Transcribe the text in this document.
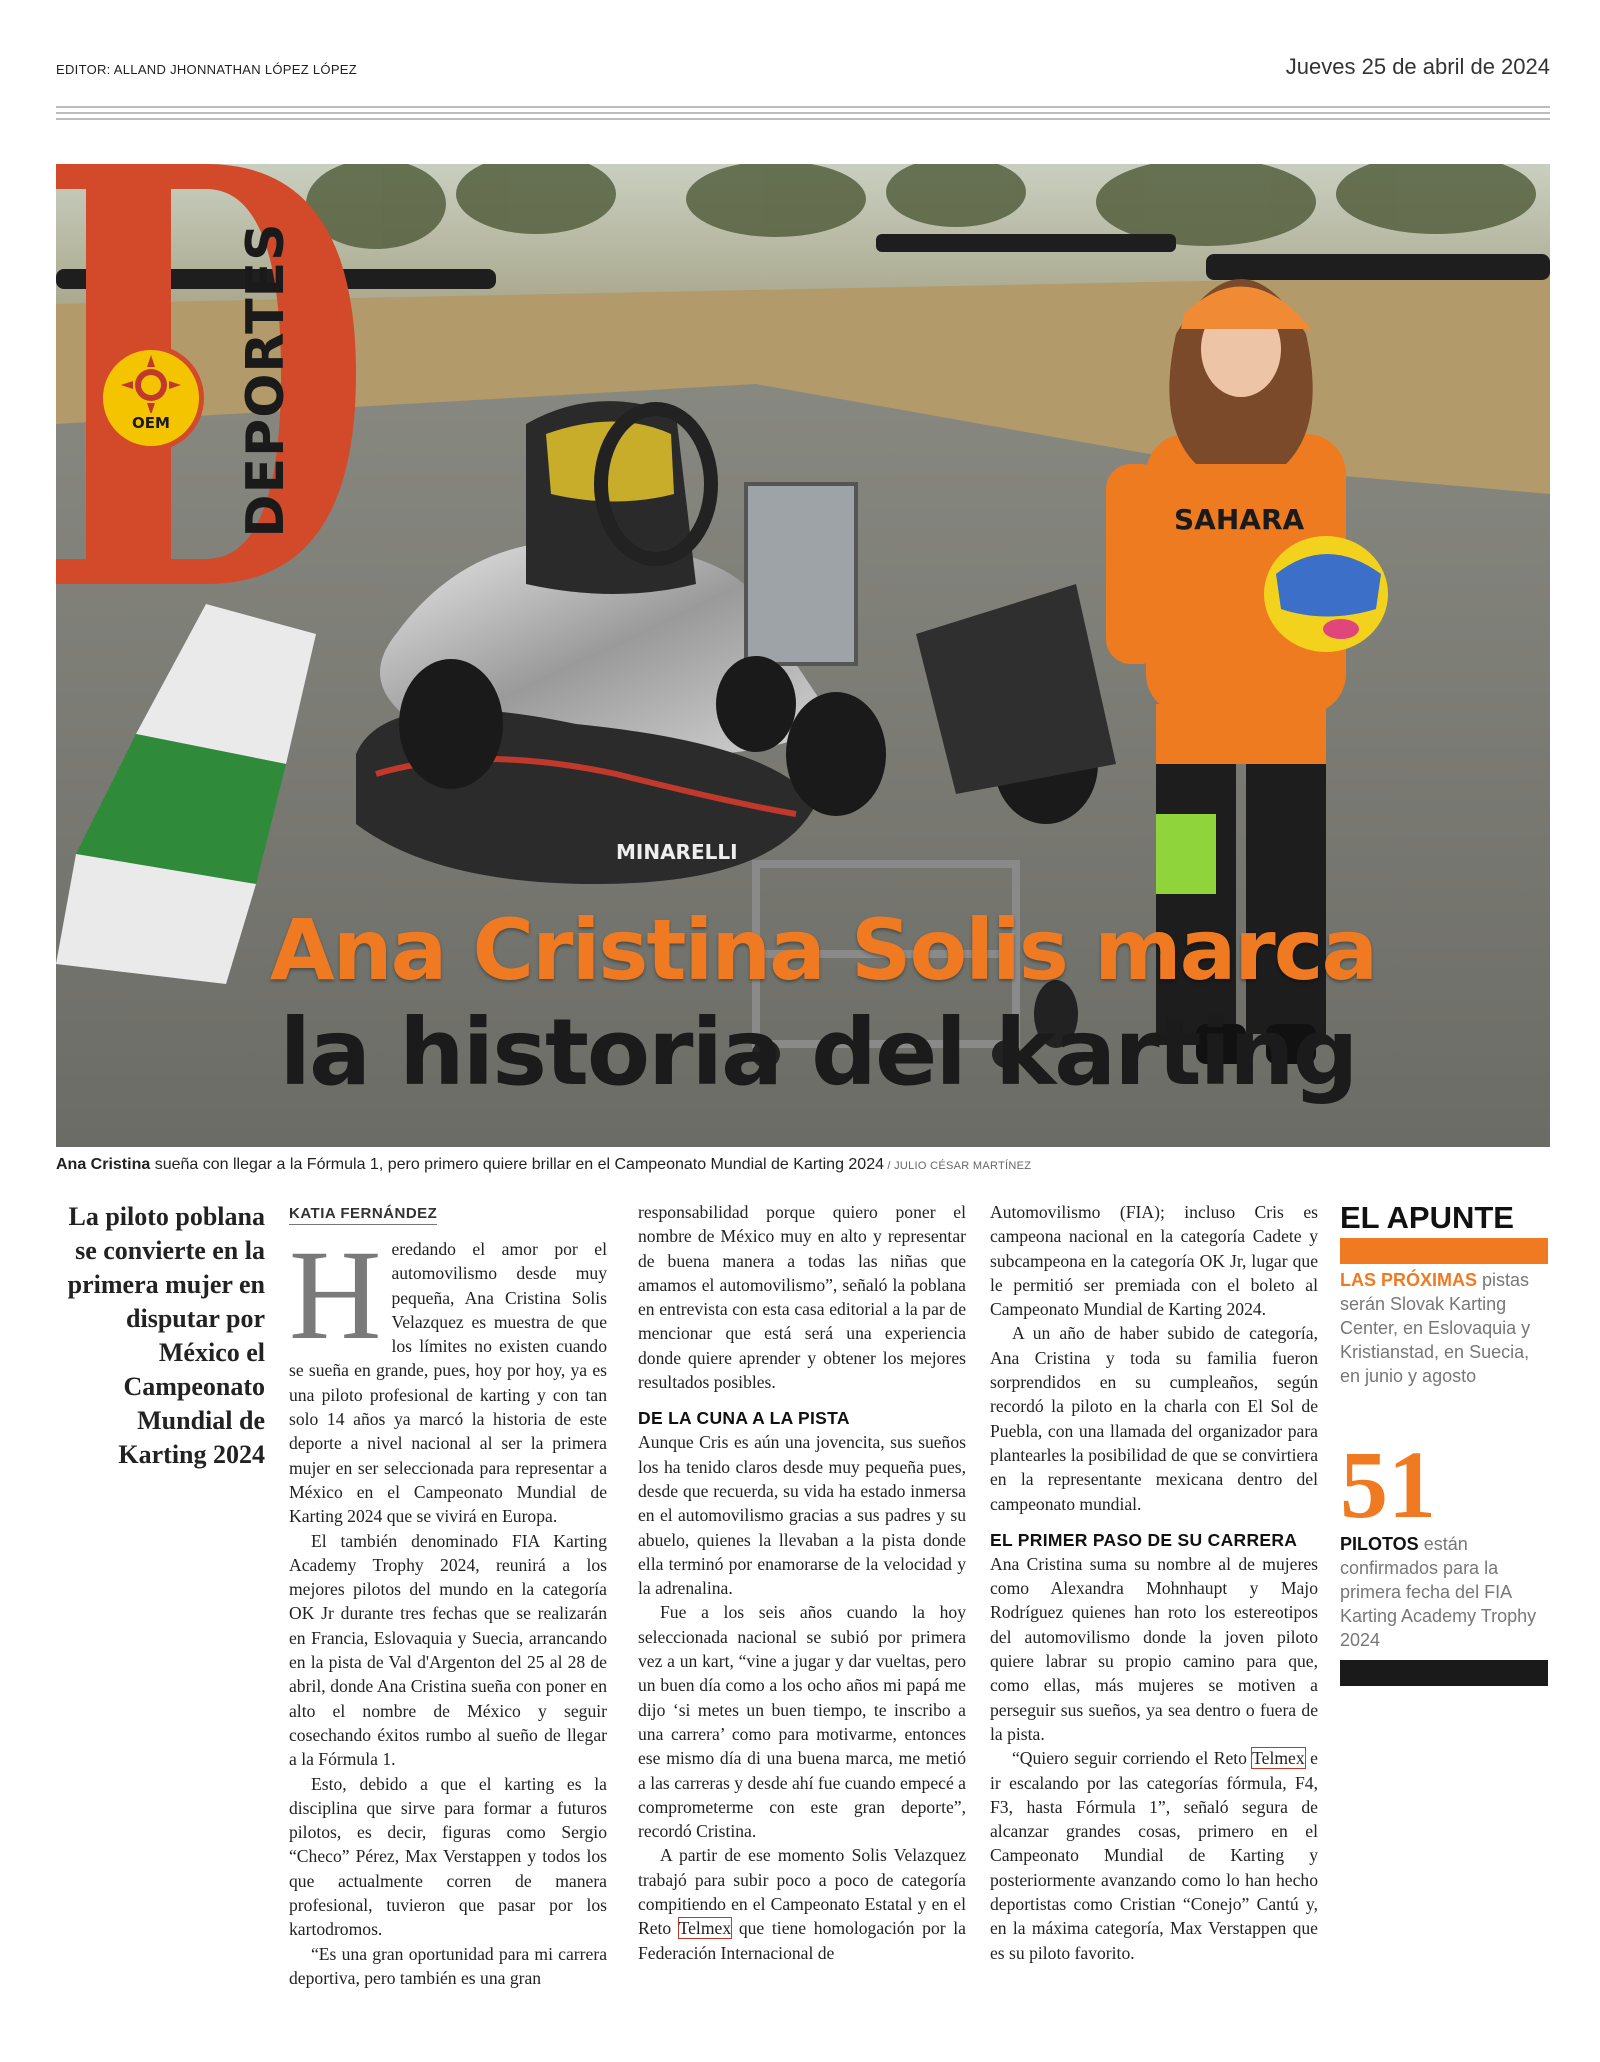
EDITOR: ALLAND JHONNATHAN LÓPEZ LÓPEZ	Jueves 25 de abril de 2024
MINARELLI
SAHARA
DEPORTES
OEM
Ana Cristina Solis marca
la historia del karting
Ana Cristina sueña con llegar a la Fórmula 1, pero primero quiere brillar en el Campeonato Mundial de Karting 2024 / JULIO CÉSAR MARTÍNEZ
La piloto poblana se convierte en la primera mujer en disputar por México el Campeonato Mundial de Karting 2024
KATIA FERNÁNDEZ

Heredando el amor por el automovilismo desde muy pequeña, Ana Cristina Solis Velazquez es muestra de que los límites no existen cuando se sueña en grande, pues, hoy por hoy, ya es una piloto profesional de karting y con tan solo 14 años ya marcó la historia de este deporte a nivel nacional al ser la primera mujer en ser seleccionada para representar a México en el Campeonato Mundial de Karting 2024 que se vivirá en Europa.

El también denominado FIA Karting Academy Trophy 2024, reunirá a los mejores pilotos del mundo en la categoría OK Jr durante tres fechas que se realizarán en Francia, Eslovaquia y Suecia, arrancando en la pista de Val d'Argenton del 25 al 28 de abril, donde Ana Cristina sueña con poner en alto el nombre de México y seguir cosechando éxitos rumbo al sueño de llegar a la Fórmula 1.

Esto, debido a que el karting es la disciplina que sirve para formar a futuros pilotos, es decir, figuras como Sergio “Checo” Pérez, Max Verstappen y todos los que actualmente corren de manera profesional, tuvieron que pasar por los kartodromos.

“Es una gran oportunidad para mi carrera deportiva, pero también es una gran

responsabilidad porque quiero poner el nombre de México muy en alto y representar de buena manera a todas las niñas que amamos el automovilismo”, señaló la poblana en entrevista con esta casa editorial a la par de mencionar que está será una experiencia donde quiere aprender y obtener los mejores resultados posibles.

DE LA CUNA A LA PISTA

Aunque Cris es aún una jovencita, sus sueños los ha tenido claros desde muy pequeña pues, desde que recuerda, su vida ha estado inmersa en el automovilismo gracias a sus padres y su abuelo, quienes la llevaban a la pista donde ella terminó por enamorarse de la velocidad y la adrenalina.

Fue a los seis años cuando la hoy seleccionada nacional se subió por primera vez a un kart, “vine a jugar y dar vueltas, pero un buen día como a los ocho años mi papá me dijo ‘si metes un buen tiempo, te inscribo a una carrera’ como para motivarme, entonces ese mismo día di una buena marca, me metió a las carreras y desde ahí fue cuando empecé a comprometerme con este gran deporte”, recordó Cristina.

A partir de ese momento Solis Velazquez trabajó para subir poco a poco de categoría compitiendo en el Campeonato Estatal y en el Reto Telmex que tiene homologación por la Federación Internacional de

Automovilismo (FIA); incluso Cris es campeona nacional en la categoría Cadete y subcampeona en la categoría OK Jr, lugar que le permitió ser premiada con el boleto al Campeonato Mundial de Karting 2024.

A un año de haber subido de categoría, Ana Cristina y toda su familia fueron sorprendidos en su cumpleaños, según recordó la piloto en la charla con El Sol de Puebla, con una llamada del organizador para plantearles la posibilidad de que se convirtiera en la representante mexicana dentro del campeonato mundial.

EL PRIMER PASO DE SU CARRERA

Ana Cristina suma su nombre al de mujeres como Alexandra Mohnhaupt y Majo Rodríguez quienes han roto los estereotipos del automovilismo donde la joven piloto quiere labrar su propio camino para que, como ellas, más mujeres se motiven a perseguir sus sueños, ya sea dentro o fuera de la pista.

“Quiero seguir corriendo el Reto Telmex e ir escalando por las categorías fórmula, F4, F3, hasta Fórmula 1”, señaló segura de alcanzar grandes cosas, primero en el Campeonato Mundial de Karting y posteriormente avanzando como lo han hecho deportistas como Cristian “Conejo” Cantú y, en la máxima categoría, Max Verstappen que es su piloto favorito.

EL APUNTE
LAS PRÓXIMAS pistas serán Slovak Karting Center, en Eslovaquia y Kristianstad, en Suecia, en junio y agosto
51
PILOTOS están confirmados para la primera fecha del FIA Karting Academy Trophy 2024
